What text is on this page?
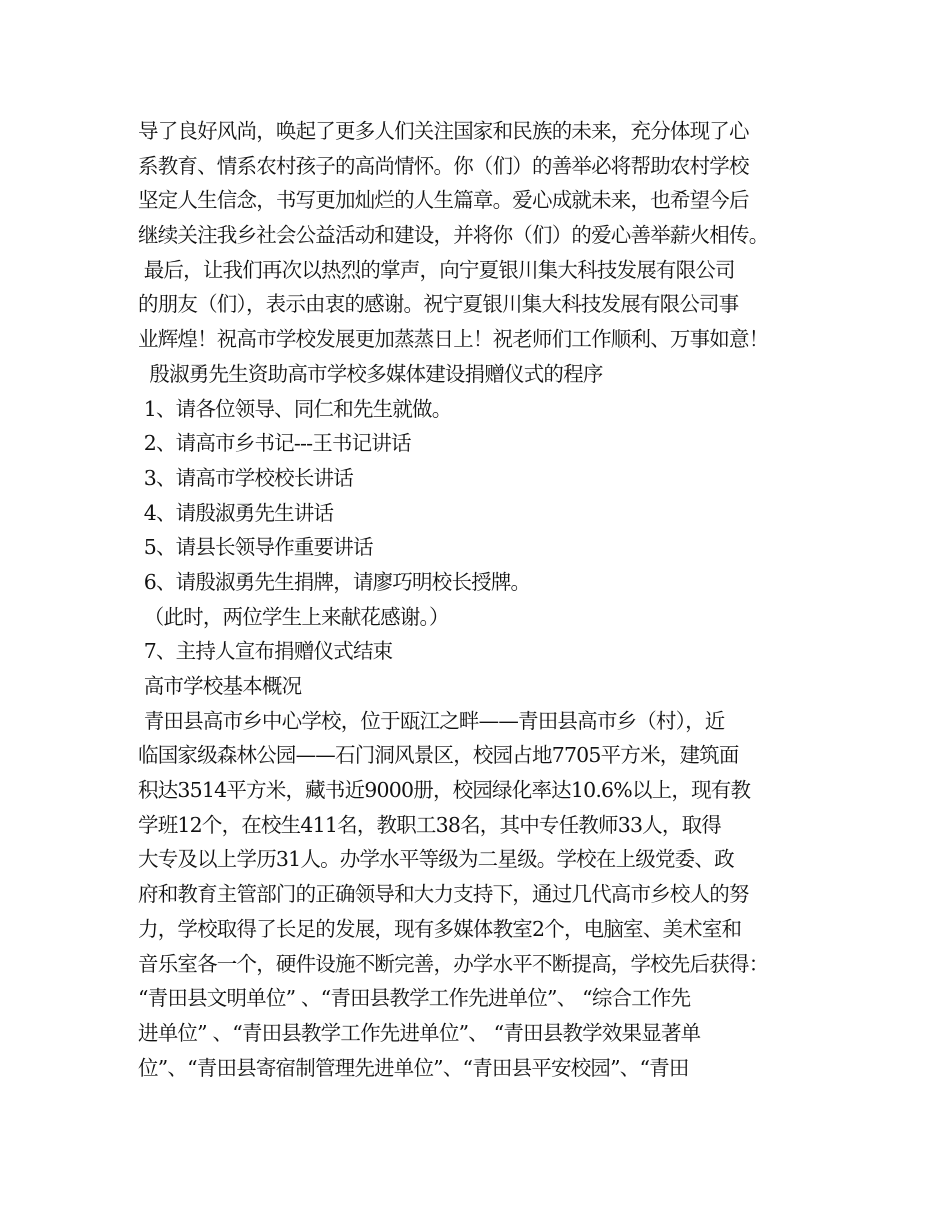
导了良好风尚，唤起了更多人们关注国家和民族的未来，充分体现了心
系教育、情系农村孩子的高尚情怀。你（们）的善举必将帮助农村学校
坚定人生信念，书写更加灿烂的人生篇章。爱心成就未来，也希望今后
继续关注我乡社会公益活动和建设，并将你（们）的爱心善举薪火相传。
最后，让我们再次以热烈的掌声，向宁夏银川集大科技发展有限公司
的朋友（们），表示由衷的感谢。祝宁夏银川集大科技发展有限公司事
业辉煌！祝高市学校发展更加蒸蒸日上！祝老师们工作顺利、万事如意！
殷淑勇先生资助高市学校多媒体建设捐赠仪式的程序
1、请各位领导、同仁和先生就做。
2、请高市乡书记---王书记讲话
3、请高市学校校长讲话
4、请殷淑勇先生讲话
5、请县长领导作重要讲话
6、请殷淑勇先生捐牌，请廖巧明校长授牌。
（此时，两位学生上来献花感谢。）
7、主持人宣布捐赠仪式结束
高市学校基本概况
青田县高市乡中心学校，位于瓯江之畔——青田县高市乡（村），近
临国家级森林公园——石门洞风景区，校园占地7705平方米，建筑面
积达3514平方米，藏书近9000册，校园绿化率达10.6%以上，现有教
学班12个，在校生411名，教职工38名，其中专任教师33人，取得
大专及以上学历31人。办学水平等级为二星级。学校在上级党委、政
府和教育主管部门的正确领导和大力支持下，通过几代高市乡校人的努
力，学校取得了长足的发展，现有多媒体教室2个，电脑室、美术室和
音乐室各一个，硬件设施不断完善，办学水平不断提高，学校先后获得：
“青田县文明单位” 、“青田县教学工作先进单位”、 “综合工作先
进单位” 、“青田县教学工作先进单位”、 “青田县教学效果显著单
位”、“青田县寄宿制管理先进单位”、“青田县平安校园”、“青田
